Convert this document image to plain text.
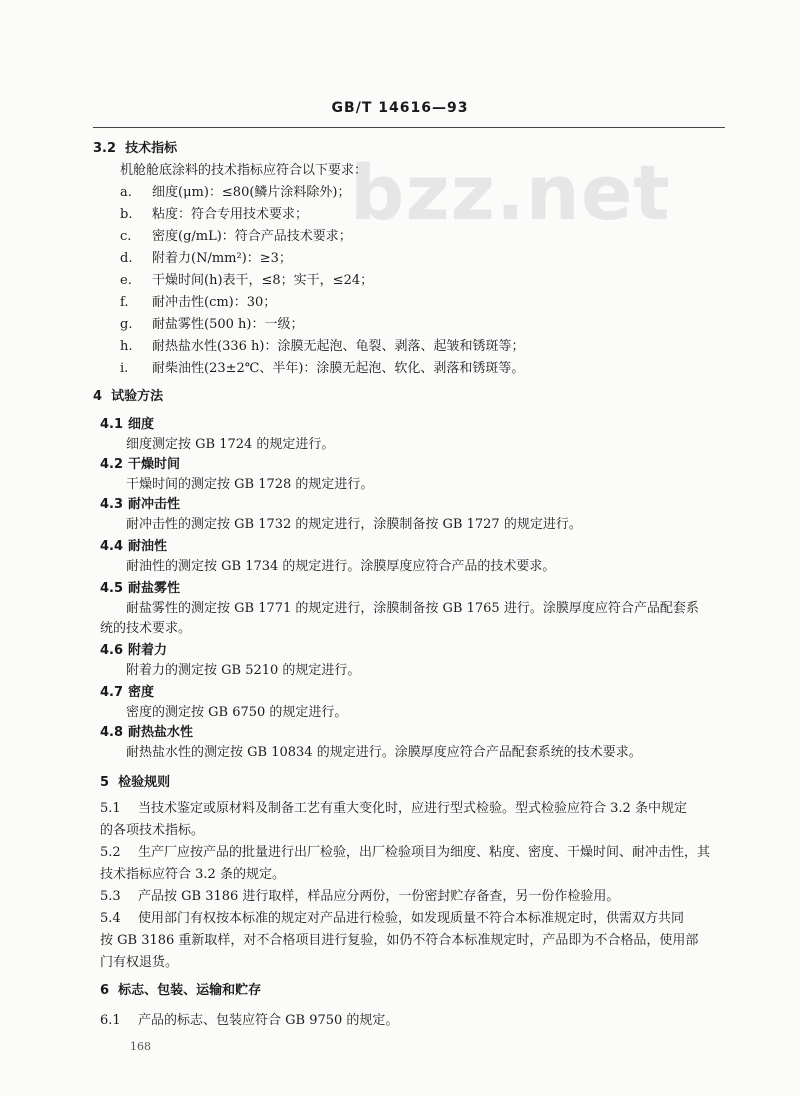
bzz.net
GB/T 14616—93
3.2 技术指标
机舱舱底涂料的技术指标应符合以下要求：
a. 细度(μm)：≤80(鳞片涂料除外)；
b. 粘度：符合专用技术要求；
c. 密度(g/mL)：符合产品技术要求；
d. 附着力(N/mm²)：≥3；
e. 干燥时间(h)表干，≤8；实干，≤24；
f. 耐冲击性(cm)：30；
g. 耐盐雾性(500 h)：一级；
h. 耐热盐水性(336 h)：涂膜无起泡、龟裂、剥落、起皱和锈斑等；
i. 耐柴油性(23±2℃、半年)：涂膜无起泡、软化、剥落和锈斑等。
4 试验方法
4.1 细度
细度测定按 GB 1724 的规定进行。
4.2 干燥时间
干燥时间的测定按 GB 1728 的规定进行。
4.3 耐冲击性
耐冲击性的测定按 GB 1732 的规定进行，涂膜制备按 GB 1727 的规定进行。
4.4 耐油性
耐油性的测定按 GB 1734 的规定进行。涂膜厚度应符合产品的技术要求。
4.5 耐盐雾性
耐盐雾性的测定按 GB 1771 的规定进行，涂膜制备按 GB 1765 进行。涂膜厚度应符合产品配套系
统的技术要求。
4.6 附着力
附着力的测定按 GB 5210 的规定进行。
4.7 密度
密度的测定按 GB 6750 的规定进行。
4.8 耐热盐水性
耐热盐水性的测定按 GB 10834 的规定进行。涂膜厚度应符合产品配套系统的技术要求。
5 检验规则
5.1 当技术鉴定或原材料及制备工艺有重大变化时，应进行型式检验。型式检验应符合 3.2 条中规定
的各项技术指标。
5.2 生产厂应按产品的批量进行出厂检验，出厂检验项目为细度、粘度、密度、干燥时间、耐冲击性，其
技术指标应符合 3.2 条的规定。
5.3 产品按 GB 3186 进行取样，样品应分两份，一份密封贮存备查，另一份作检验用。
5.4 使用部门有权按本标准的规定对产品进行检验，如发现质量不符合本标准规定时，供需双方共同
按 GB 3186 重新取样，对不合格项目进行复验，如仍不符合本标准规定时，产品即为不合格品，使用部
门有权退货。
6 标志、包装、运输和贮存
6.1 产品的标志、包装应符合 GB 9750 的规定。
168
